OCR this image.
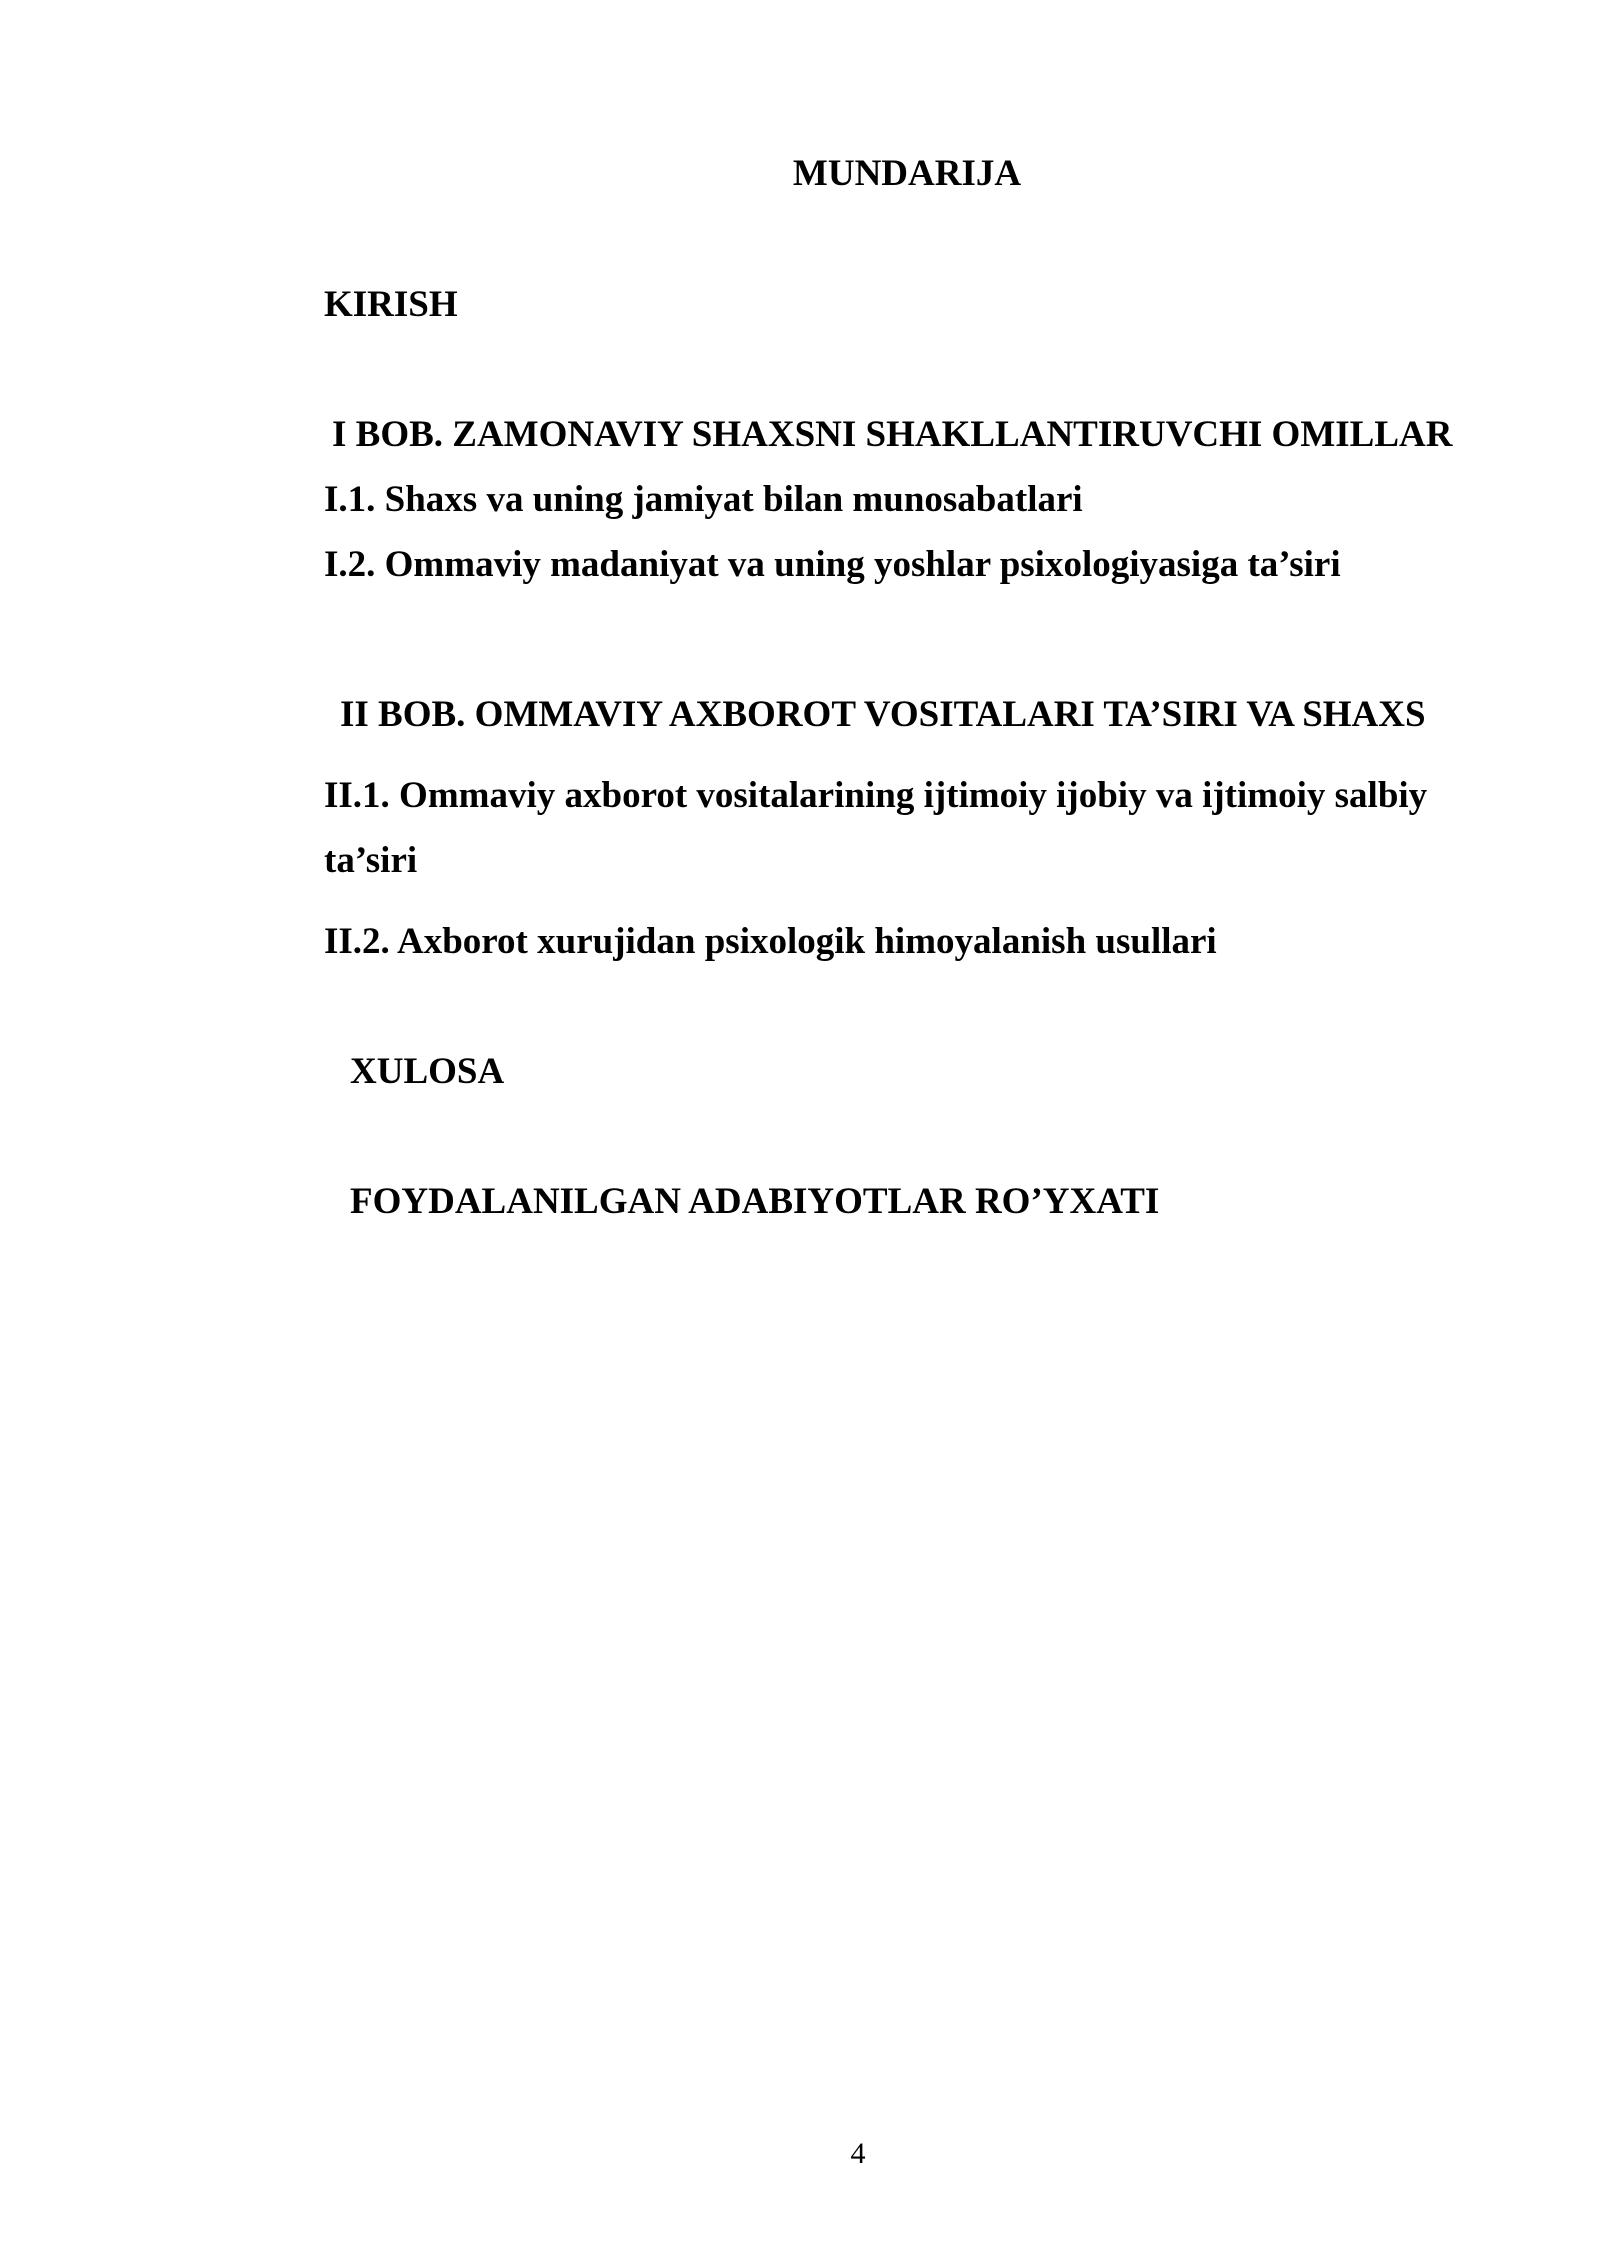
MUNDARIJA
KIRISH
I BOB. ZAMONAVIY SHAXSNI SHAKLLANTIRUVCHI OMILLAR
I.1. Shaxs va uning jamiyat bilan munosabatlari
I.2. Ommaviy madaniyat va uning yoshlar psixologiyasiga ta’siri
II BOB. OMMAVIY AXBOROT VOSITALARI TA’SIRI VA SHAXS
II.1. Ommaviy axborot vositalarining ijtimoiy ijobiy va ijtimoiy salbiy
ta’siri
II.2. Axborot xurujidan psixologik himoyalanish usullari
XULOSA
FOYDALANILGAN ADABIYOTLAR RO’YXATI
4
